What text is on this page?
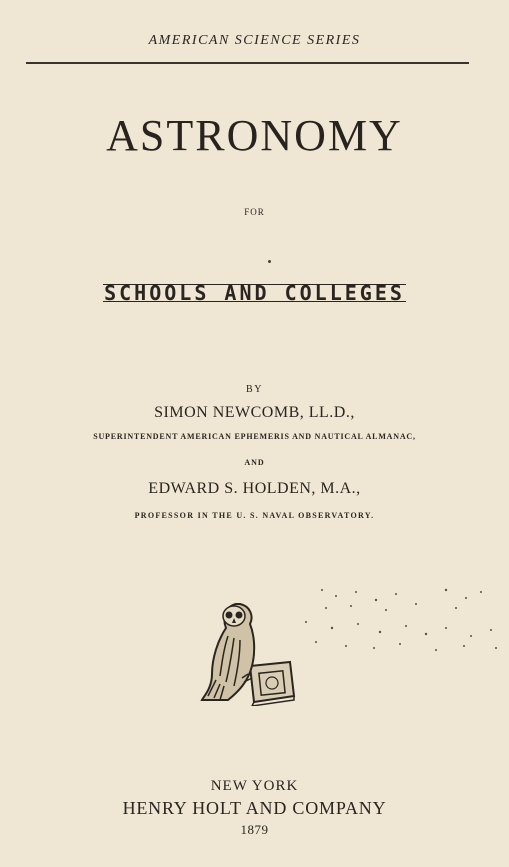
AMERICAN SCIENCE SERIES
ASTRONOMY
FOR
SCHOOLS AND COLLEGES
BY
SIMON NEWCOMB, LL.D.,
SUPERINTENDENT AMERICAN EPHEMERIS AND NAUTICAL ALMANAC,
AND
EDWARD S. HOLDEN, M.A.,
PROFESSOR IN THE U. S. NAVAL OBSERVATORY.
NEW YORK
HENRY HOLT AND COMPANY
1879
